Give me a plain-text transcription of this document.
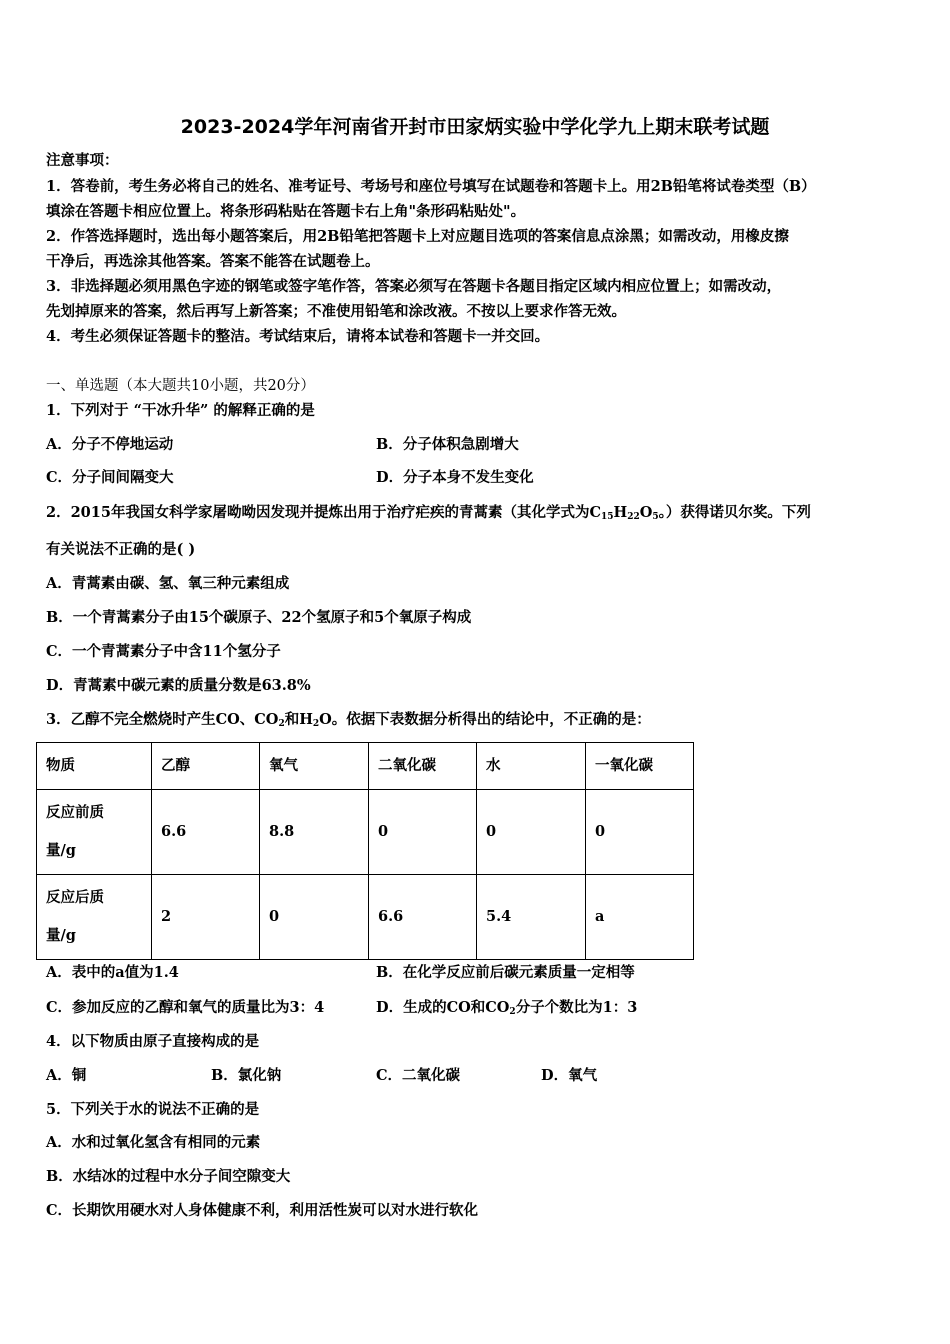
2023-2024学年河南省开封市田家炳实验中学化学九上期末联考试题
注意事项：
1．答卷前，考生务必将自己的姓名、准考证号、考场号和座位号填写在试题卷和答题卡上。用2B铅笔将试卷类型（B）
填涂在答题卡相应位置上。将条形码粘贴在答题卡右上角"条形码粘贴处"。
2．作答选择题时，选出每小题答案后，用2B铅笔把答题卡上对应题目选项的答案信息点涂黑；如需改动，用橡皮擦
干净后，再选涂其他答案。答案不能答在试题卷上。
3．非选择题必须用黑色字迹的钢笔或签字笔作答，答案必须写在答题卡各题目指定区域内相应位置上；如需改动，
先划掉原来的答案，然后再写上新答案；不准使用铅笔和涂改液。不按以上要求作答无效。
4．考生必须保证答题卡的整洁。考试结束后，请将本试卷和答题卡一并交回。
一、单选题（本大题共10小题，共20分）
1．下列对于 “干冰升华” 的解释正确的是
A．分子不停地运动	B．分子体积急剧增大
C．分子间间隔变大	D．分子本身不发生变化
2．2015年我国女科学家屠呦呦因发现并提炼出用于治疗疟疾的青蒿素（其化学式为$C_{15}H_{22}O_5$。）获得诺贝尔奖。下列
有关说法不正确的是( )
A．青蒿素由碳、氢、氧三种元素组成
B．一个青蒿素分子由15个碳原子、22个氢原子和5个氧原子构成
C．一个青蒿素分子中含11个氢分子
D．青蒿素中碳元素的质量分数是63.8%
3．乙醇不完全燃烧时产生CO、$CO_2$和$H_2O$。依据下表数据分析得出的结论中，不正确的是：
物质	乙醇	氧气	二氧化碳	水	一氧化碳
反应前质
量/g	6.6	8.8	0	0	0
反应后质
量/g	2	0	6.6	5.4	a
A．表中的a值为1.4	B．在化学反应前后碳元素质量一定相等
C．参加反应的乙醇和氧气的质量比为3：4	D．生成的CO和$CO_2$分子个数比为1：3
4．以下物质由原子直接构成的是
A．铜	B．氯化钠	C．二氧化碳	D．氧气
5．下列关于水的说法不正确的是
A．水和过氧化氢含有相同的元素
B．水结冰的过程中水分子间空隙变大
C．长期饮用硬水对人身体健康不利，利用活性炭可以对水进行软化
